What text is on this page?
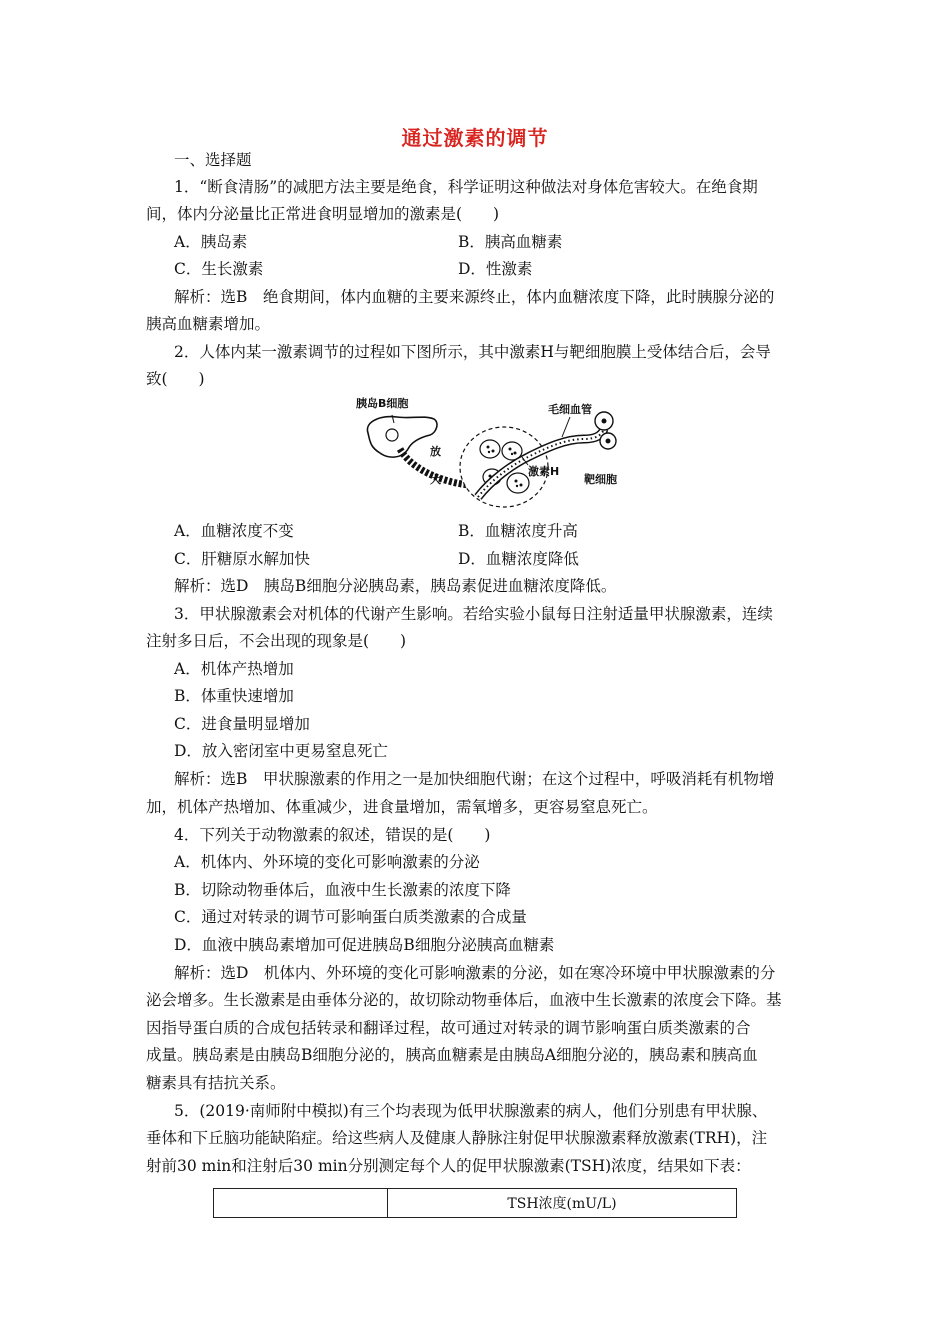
通过激素的调节
一、选择题
1．“断食清肠”的减肥方法主要是绝食，科学证明这种做法对身体危害较大。在绝食期
间，体内分泌量比正常进食明显增加的激素是(　　)
A．胰岛素	B．胰高血糖素
C．生长激素	D．性激素
解析：选B　绝食期间，体内血糖的主要来源终止，体内血糖浓度下降，此时胰腺分泌的
胰高血糖素增加。
2．人体内某一激素调节的过程如下图所示，其中激素H与靶细胞膜上受体结合后，会导
致(　　)
胰岛B细胞	毛细血管
放
大
激素H
靶细胞
A．血糖浓度不变	B．血糖浓度升高
C．肝糖原水解加快	D．血糖浓度降低
解析：选D　胰岛B细胞分泌胰岛素，胰岛素促进血糖浓度降低。
3．甲状腺激素会对机体的代谢产生影响。若给实验小鼠每日注射适量甲状腺激素，连续
注射多日后，不会出现的现象是(　　)
A．机体产热增加
B．体重快速增加
C．进食量明显增加
D．放入密闭室中更易窒息死亡
解析：选B　甲状腺激素的作用之一是加快细胞代谢；在这个过程中，呼吸消耗有机物增
加，机体产热增加、体重减少，进食量增加，需氧增多，更容易窒息死亡。
4．下列关于动物激素的叙述，错误的是(　　)
A．机体内、外环境的变化可影响激素的分泌
B．切除动物垂体后，血液中生长激素的浓度下降
C．通过对转录的调节可影响蛋白质类激素的合成量
D．血液中胰岛素增加可促进胰岛B细胞分泌胰高血糖素
解析：选D　机体内、外环境的变化可影响激素的分泌，如在寒冷环境中甲状腺激素的分
泌会增多。生长激素是由垂体分泌的，故切除动物垂体后，血液中生长激素的浓度会下降。基
因指导蛋白质的合成包括转录和翻译过程，故可通过对转录的调节影响蛋白质类激素的合
成量。胰岛素是由胰岛B细胞分泌的，胰高血糖素是由胰岛A细胞分泌的，胰岛素和胰高血
糖素具有拮抗关系。
5．(2019·南师附中模拟)有三个均表现为低甲状腺激素的病人，他们分别患有甲状腺、
垂体和下丘脑功能缺陷症。给这些病人及健康人静脉注射促甲状腺激素释放激素(TRH)，注
射前30 min和注射后30 min分别测定每个人的促甲状腺激素(TSH)浓度，结果如下表：
	TSH浓度(mU/L)
